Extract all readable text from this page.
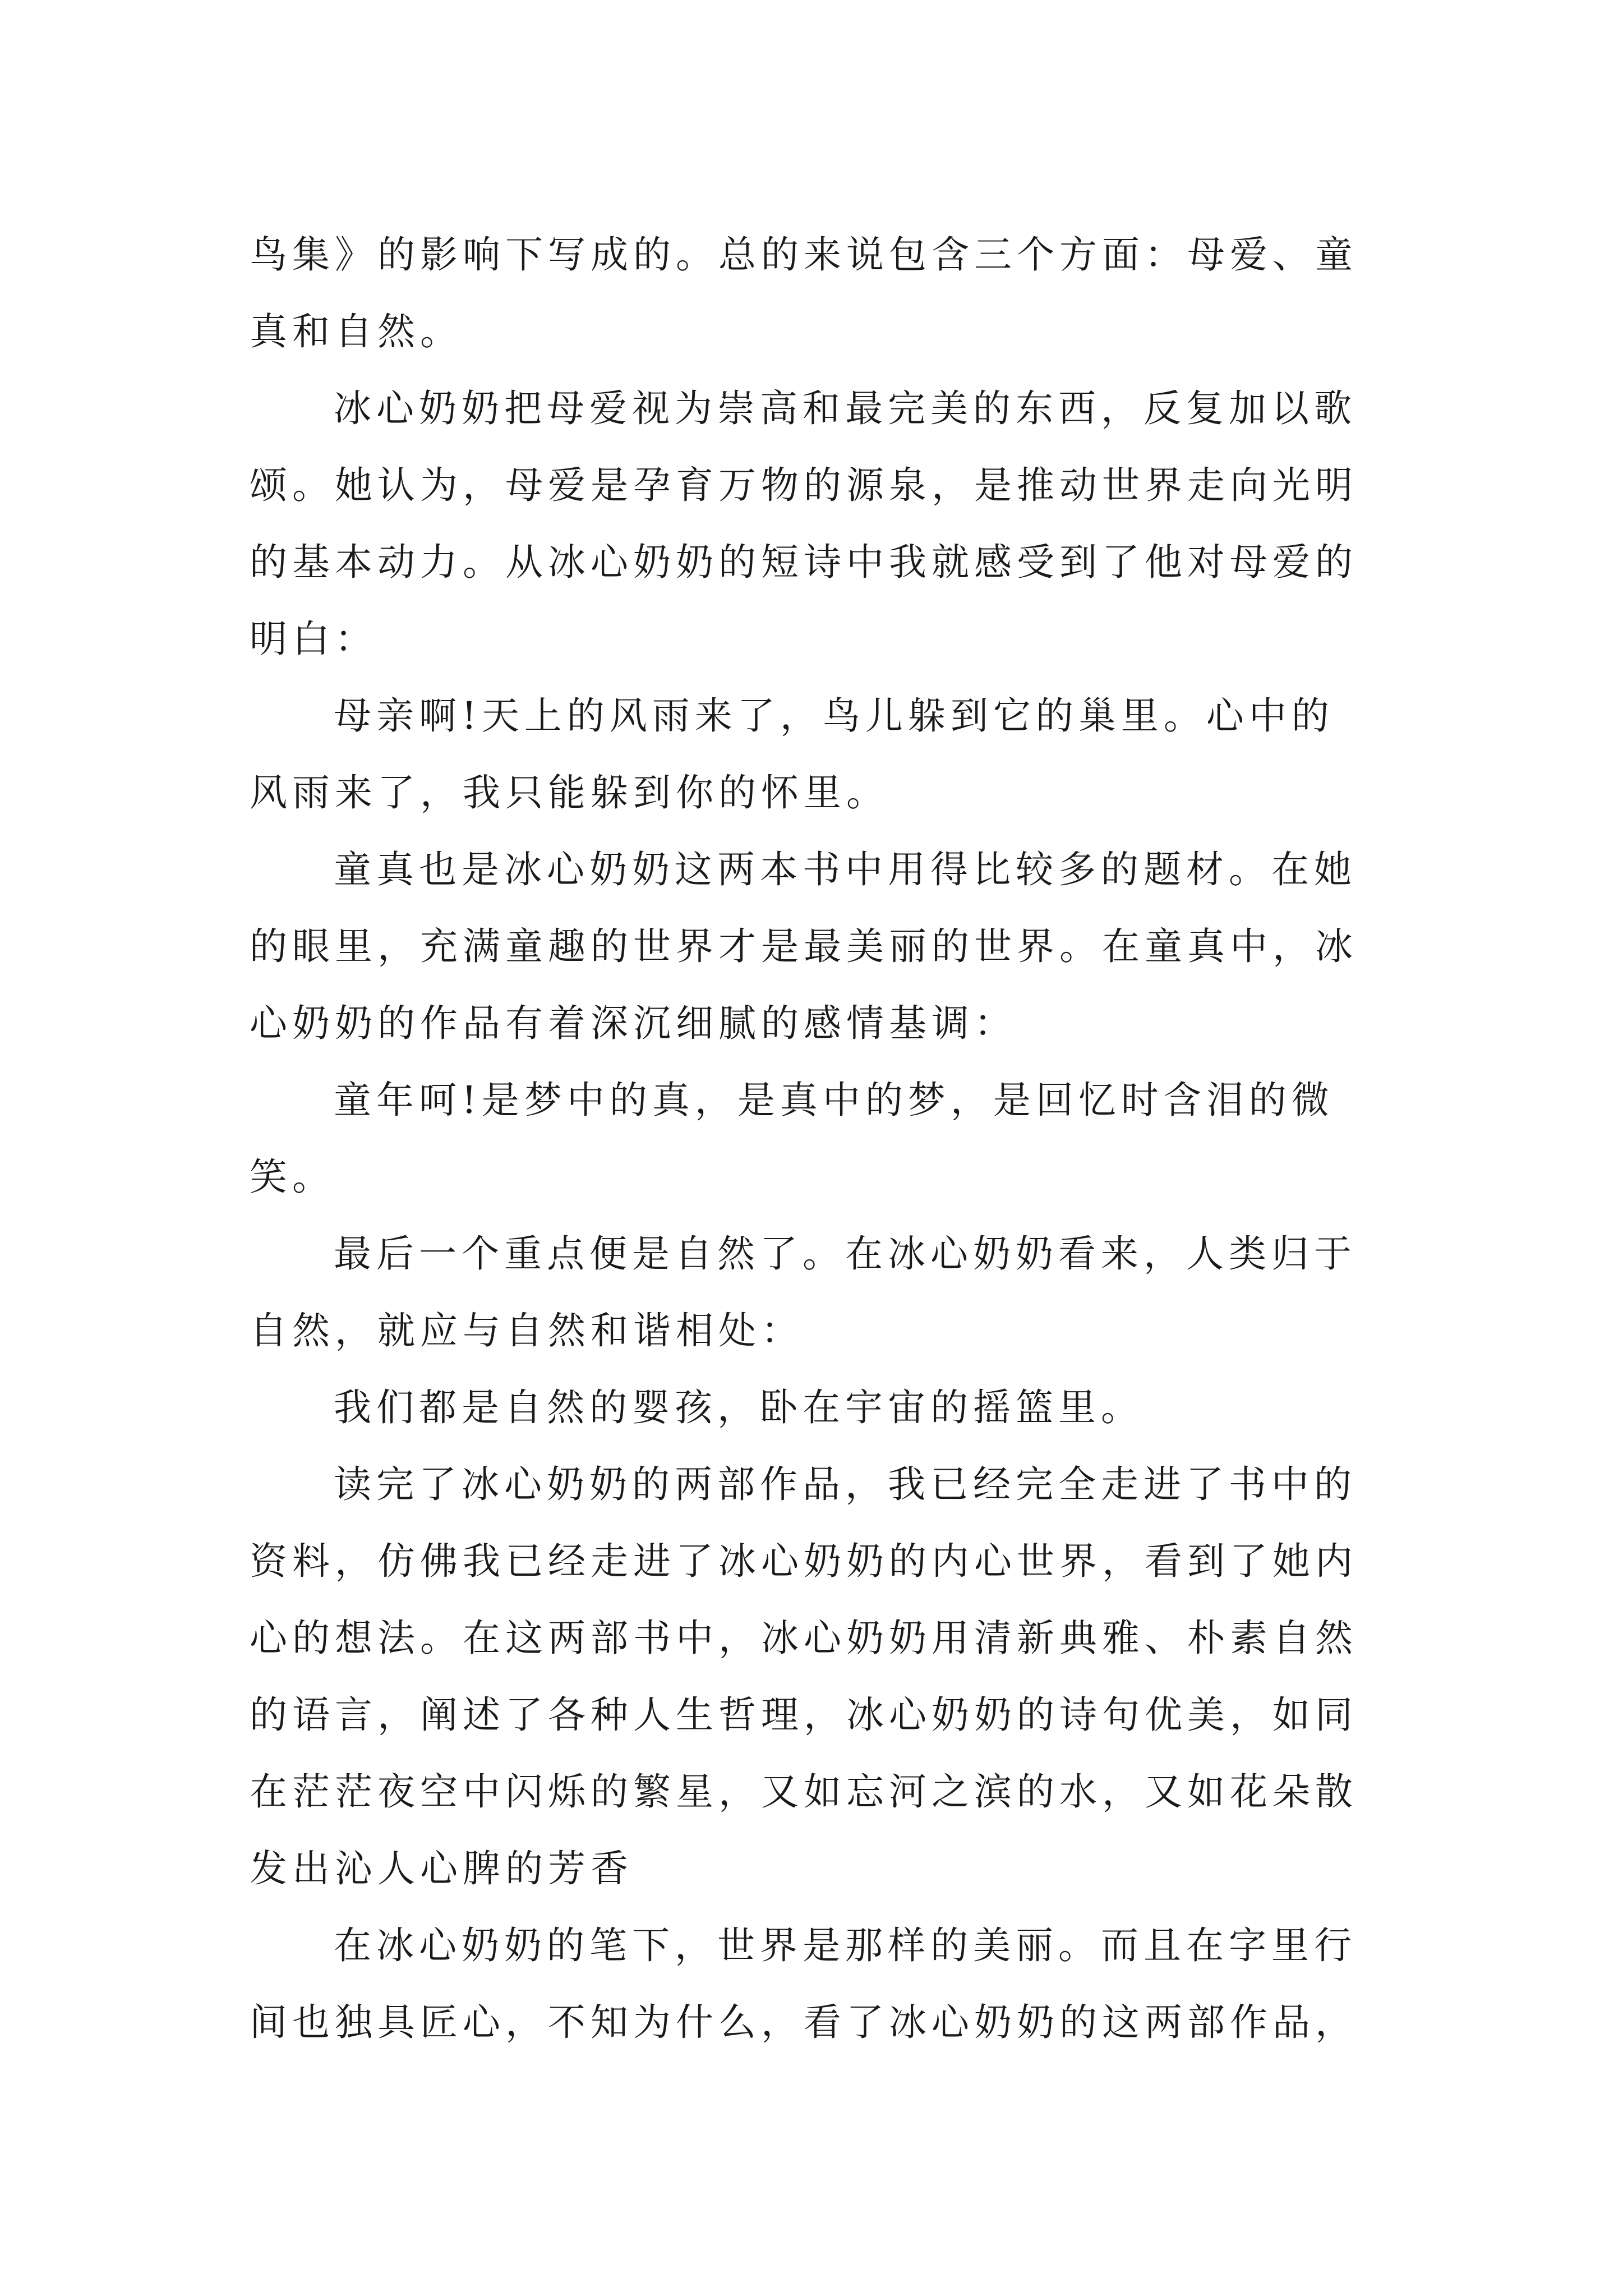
鸟集》的影响下写成的。总的来说包含三个方面：母爱、童
真和自然。
冰心奶奶把母爱视为崇高和最完美的东西，反复加以歌
颂。她认为，母爱是孕育万物的源泉，是推动世界走向光明
的基本动力。从冰心奶奶的短诗中我就感受到了他对母爱的
明白：
母亲啊!天上的风雨来了，鸟儿躲到它的巢里。心中的
风雨来了，我只能躲到你的怀里。
童真也是冰心奶奶这两本书中用得比较多的题材。在她
的眼里，充满童趣的世界才是最美丽的世界。在童真中，冰
心奶奶的作品有着深沉细腻的感情基调：
童年呵!是梦中的真，是真中的梦，是回忆时含泪的微
笑。
最后一个重点便是自然了。在冰心奶奶看来，人类归于
自然，就应与自然和谐相处：
我们都是自然的婴孩，卧在宇宙的摇篮里。
读完了冰心奶奶的两部作品，我已经完全走进了书中的
资料，仿佛我已经走进了冰心奶奶的内心世界，看到了她内
心的想法。在这两部书中，冰心奶奶用清新典雅、朴素自然
的语言，阐述了各种人生哲理，冰心奶奶的诗句优美，如同
在茫茫夜空中闪烁的繁星，又如忘河之滨的水，又如花朵散
发出沁人心脾的芳香
在冰心奶奶的笔下，世界是那样的美丽。而且在字里行
间也独具匠心，不知为什么，看了冰心奶奶的这两部作品，
